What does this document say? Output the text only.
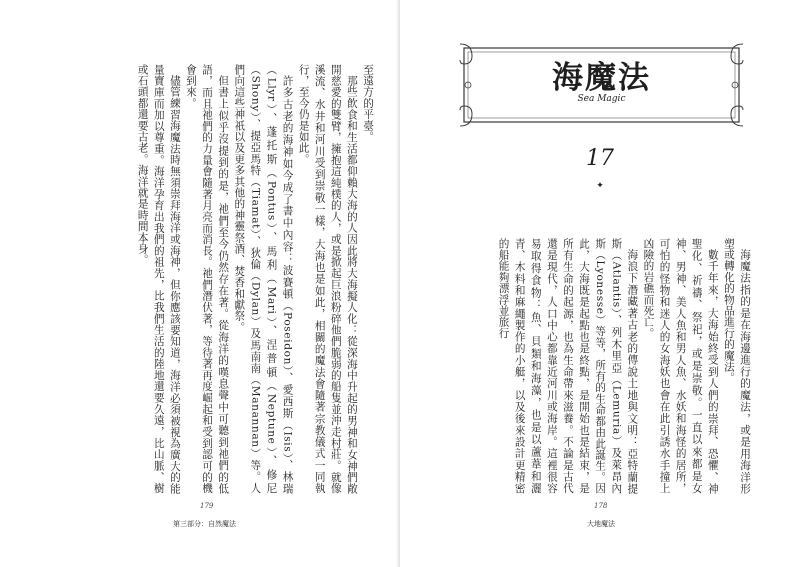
至遠方的平臺。

那些飲食和生活都仰賴大海的人因此將大海擬人化：從深海中升起的男神和女神們敞開慈愛的雙臂，擁抱這純樸的人，或是掀起巨浪粉碎他們脆弱的船隻並沖走村莊。就像溪流、水井和河川受到崇敬一樣，大海也是如此，相關的魔法會隨著宗教儀式一同執行，至今仍是如此。

許多古老的海神如今成了書中內容：波賽頓（Poseidon）、愛西斯（Isis）、林瑞（Llyr）、蓬托斯（Pontus）、馬利（Mari）、涅普頓（Neptune）、修尼（Shony）、提亞馬特（Tiamat）、狄倫（Dylan）及馬南南（Manannan）等。人們向這些神祇以及更多其他的神靈祭酒、焚香和獻祭。

但書上似乎沒提到的是，祂們至今仍然存在著。從海洋的嘆息聲中可聽到祂們的低語，而且祂們的力量會隨著月亮而消長。祂們潛伏著，等待著再度崛起和受到認可的機會到來。

儘管練習海魔法時無須崇拜海洋或海神，但你應該要知道，海洋必須被視為廣大的能量寶庫而加以尊重。海洋孕育出我們的祖先，比我們生活的陸地還要久遠，比山脈、樹或石頭都還要古老。海洋就是時間本身。

179
第三部分：自然魔法
海魔法
Sea Magic
17
✦

海魔法指的是在海邊進行的魔法，或是用海洋形塑或轉化的物品進行的魔法。

數千年來，大海始終受到人們的崇拜、恐懼、神聖化、祈禱、祭祀，或是崇敬。一直以來都是女神、男神、美人魚和男人魚、水妖和海怪的居所，可怕的怪物和迷人的女海妖也會在此引誘水手撞上凶險的岩礁而死亡。

海浪下潛藏著古老的傳說土地與文明：亞特蘭提斯（Atlantis）、列木里亞（Lemuria）及萊昂內斯（Lyonesse）等等，所有的生命都由此誕生。因此，大海既是起點也是終點，是開始也是結束，是所有生命的起源，也為生命帶來滋養。不論是古代還是現代，人口中心都靠近河川或海岸。這裡很容易取得食物：魚、貝類和海藻，也是以蘆葦和灑青、木料和麻繩製作的小艇，以及後來設計更精密的船能夠漂浮並旅行

178
大地魔法
